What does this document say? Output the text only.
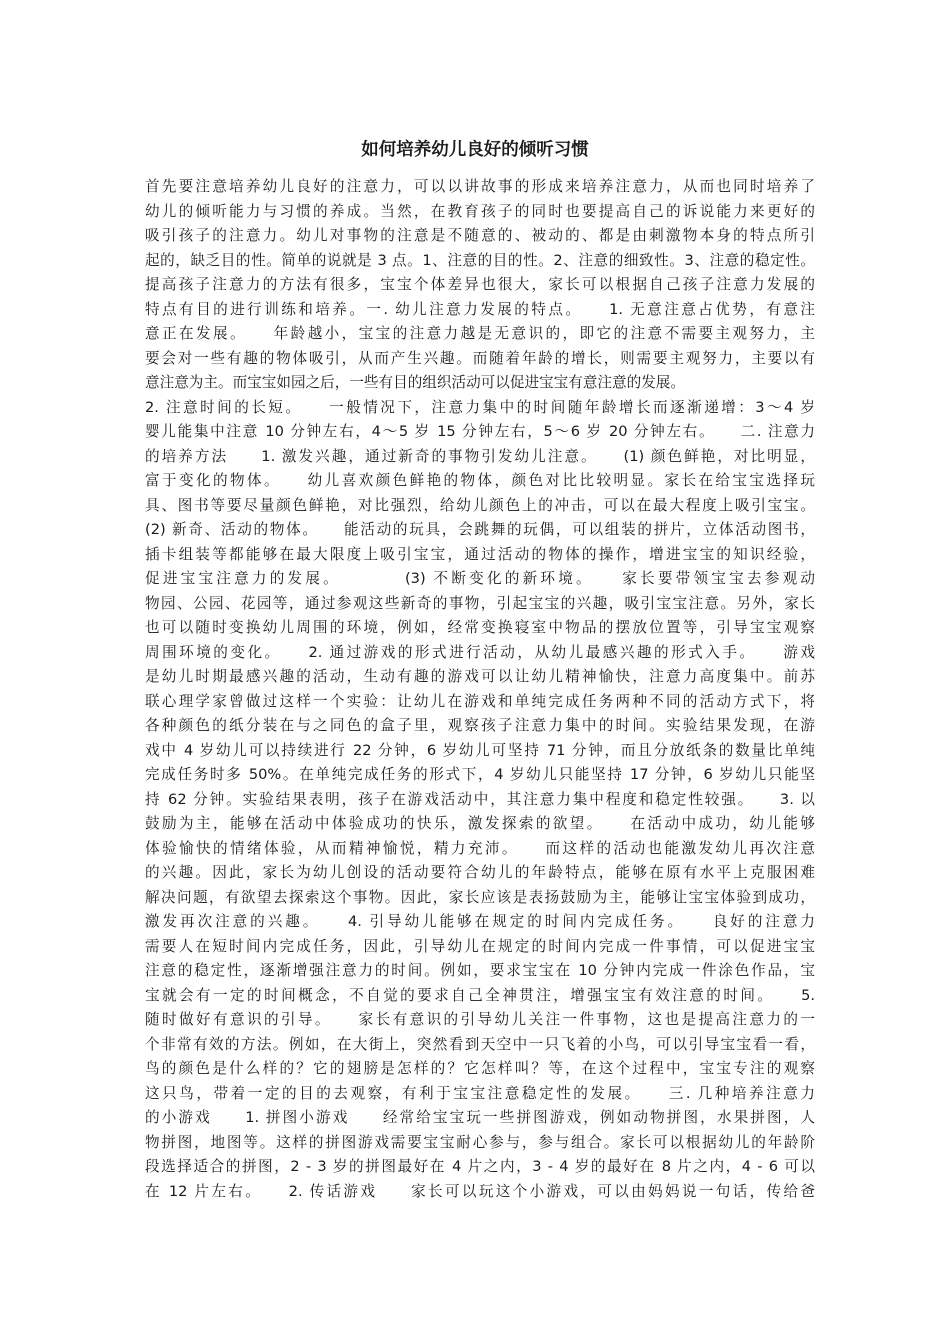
如何培养幼儿良好的倾听习惯
首先要注意培养幼儿良好的注意力，可以以讲故事的形成来培养注意力，从而也同时培养了
幼儿的倾听能力与习惯的养成。当然，在教育孩子的同时也要提高自己的诉说能力来更好的
吸引孩子的注意力。幼儿对事物的注意是不随意的、被动的、都是由刺激物本身的特点所引
起的，缺乏目的性。简单的说就是 3 点。1、注意的目的性。2、注意的细致性。3、注意的稳定性。
提高孩子注意力的方法有很多，宝宝个体差异也很大，家长可以根据自己孩子注意力发展的
特点有目的进行训练和培养。一. 幼儿注意力发展的特点。　　1. 无意注意占优势，有意注
意正在发展。　　年龄越小，宝宝的注意力越是无意识的，即它的注意不需要主观努力，主
要会对一些有趣的物体吸引，从而产生兴趣。而随着年龄的增长，则需要主观努力，主要以有
意注意为主。而宝宝如园之后，一些有目的组织活动可以促进宝宝有意注意的发展。
2. 注意时间的长短。　　一般情况下，注意力集中的时间随年龄增长而逐渐递增：3～4 岁
婴儿能集中注意 10 分钟左右，4～5 岁 15 分钟左右，5～6 岁 20 分钟左右。　　二. 注意力
的培养方法　　1. 激发兴趣，通过新奇的事物引发幼儿注意。　　(1) 颜色鲜艳，对比明显，
富于变化的物体。　　幼儿喜欢颜色鲜艳的物体，颜色对比比较明显。家长在给宝宝选择玩
具、图书等要尽量颜色鲜艳，对比强烈，给幼儿颜色上的冲击，可以在最大程度上吸引宝宝。
(2) 新奇、活动的物体。　　能活动的玩具，会跳舞的玩偶，可以组装的拼片，立体活动图书，
插卡组装等都能够在最大限度上吸引宝宝，通过活动的物体的操作，增进宝宝的知识经验，
促进宝宝注意力的发展。　　　　(3) 不断变化的新环境。　　家长要带领宝宝去参观动
物园、公园、花园等，通过参观这些新奇的事物，引起宝宝的兴趣，吸引宝宝注意。另外，家长
也可以随时变换幼儿周围的环境，例如，经常变换寝室中物品的摆放位置等，引导宝宝观察
周围环境的变化。　　2. 通过游戏的形式进行活动，从幼儿最感兴趣的形式入手。　　游戏
是幼儿时期最感兴趣的活动，生动有趣的游戏可以让幼儿精神愉快，注意力高度集中。前苏
联心理学家曾做过这样一个实验：让幼儿在游戏和单纯完成任务两种不同的活动方式下，将
各种颜色的纸分装在与之同色的盒子里，观察孩子注意力集中的时间。实验结果发现，在游
戏中 4 岁幼儿可以持续进行 22 分钟，6 岁幼儿可坚持 71 分钟，而且分放纸条的数量比单纯
完成任务时多 50%。在单纯完成任务的形式下，4 岁幼儿只能坚持 17 分钟，6 岁幼儿只能坚
持 62 分钟。实验结果表明，孩子在游戏活动中，其注意力集中程度和稳定性较强。　　3. 以
鼓励为主，能够在活动中体验成功的快乐，激发探索的欲望。　　在活动中成功，幼儿能够
体验愉快的情绪体验，从而精神愉悦，精力充沛。　　而这样的活动也能激发幼儿再次注意
的兴趣。因此，家长为幼儿创设的活动要符合幼儿的年龄特点，能够在原有水平上克服困难
解决问题，有欲望去探索这个事物。因此，家长应该是表扬鼓励为主，能够让宝宝体验到成功，
激发再次注意的兴趣。　　4. 引导幼儿能够在规定的时间内完成任务。　　良好的注意力
需要人在短时间内完成任务，因此，引导幼儿在规定的时间内完成一件事情，可以促进宝宝
注意的稳定性，逐渐增强注意力的时间。例如，要求宝宝在 10 分钟内完成一件涂色作品，宝
宝就会有一定的时间概念，不自觉的要求自己全神贯注，增强宝宝有效注意的时间。　　5.
随时做好有意识的引导。　　家长有意识的引导幼儿关注一件事物，这也是提高注意力的一
个非常有效的方法。例如，在大街上，突然看到天空中一只飞着的小鸟，可以引导宝宝看一看，
鸟的颜色是什么样的？它的翅膀是怎样的？它怎样叫？等，在这个过程中，宝宝专注的观察
这只鸟，带着一定的目的去观察，有利于宝宝注意稳定性的发展。　　三. 几种培养注意力
的小游戏　　1. 拼图小游戏　　经常给宝宝玩一些拼图游戏，例如动物拼图，水果拼图，人
物拼图，地图等。这样的拼图游戏需要宝宝耐心参与，参与组合。家长可以根据幼儿的年龄阶
段选择适合的拼图，2 - 3 岁的拼图最好在 4 片之内，3 - 4 岁的最好在 8 片之内，4 - 6 可以
在 12 片左右。　　2. 传话游戏　　家长可以玩这个小游戏，可以由妈妈说一句话，传给爸
